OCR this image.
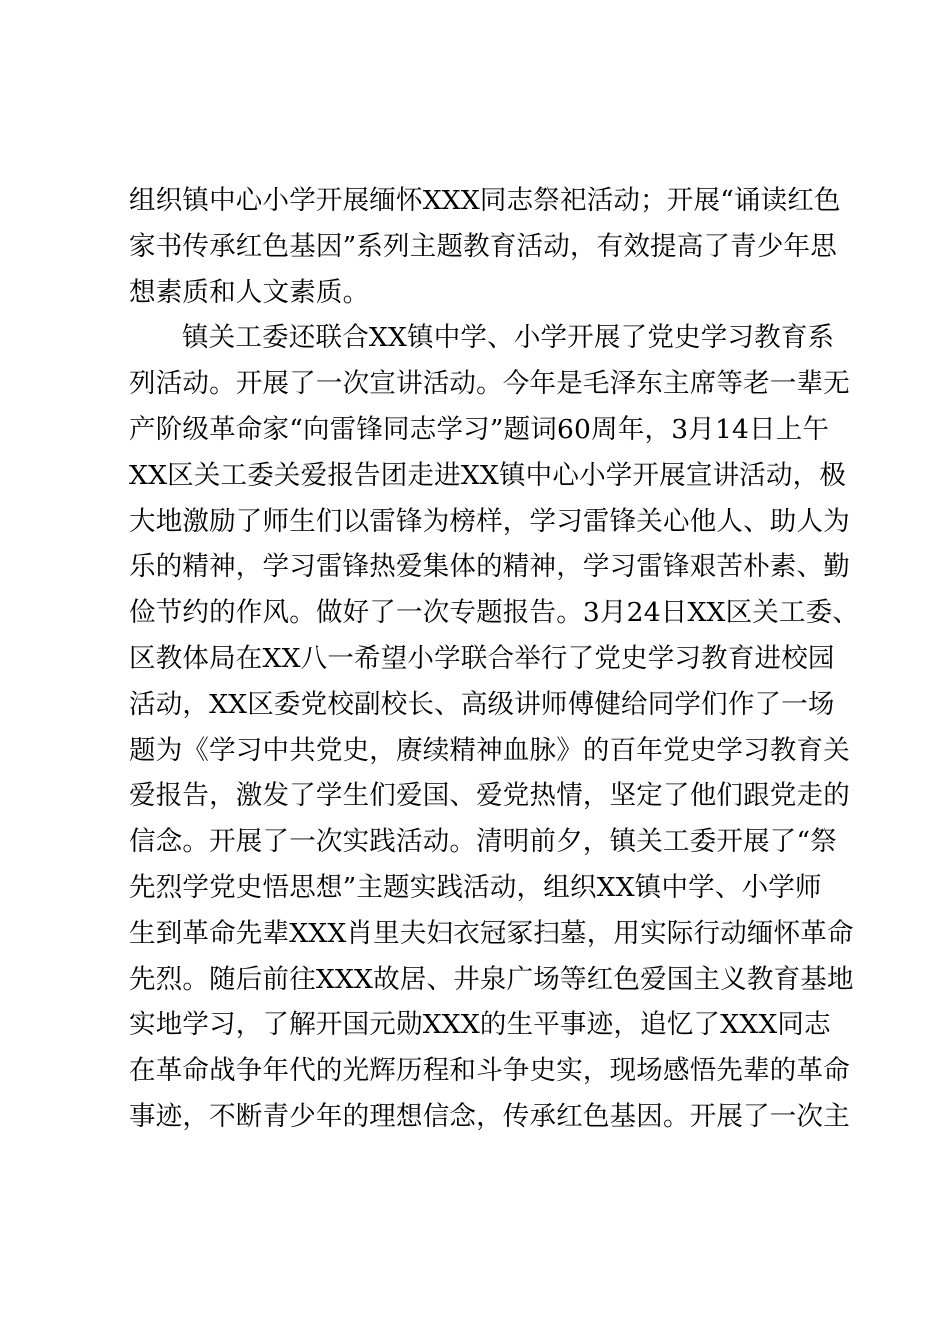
组织镇中心小学开展缅怀XXX同志祭祀活动；开展“诵读红色
家书传承红色基因”系列主题教育活动，有效提高了青少年思
想素质和人文素质。
镇关工委还联合XX镇中学、小学开展了党史学习教育系
列活动。开展了一次宣讲活动。今年是毛泽东主席等老一辈无
产阶级革命家“向雷锋同志学习”题词60周年，3月14日上午
XX区关工委关爱报告团走进XX镇中心小学开展宣讲活动，极
大地激励了师生们以雷锋为榜样，学习雷锋关心他人、助人为
乐的精神，学习雷锋热爱集体的精神，学习雷锋艰苦朴素、勤
俭节约的作风。做好了一次专题报告。3月24日XX区关工委、
区教体局在XX八一希望小学联合举行了党史学习教育进校园
活动，XX区委党校副校长、高级讲师傅健给同学们作了一场
题为《学习中共党史，赓续精神血脉》的百年党史学习教育关
爱报告，激发了学生们爱国、爱党热情，坚定了他们跟党走的
信念。开展了一次实践活动。清明前夕，镇关工委开展了“祭
先烈学党史悟思想”主题实践活动，组织XX镇中学、小学师
生到革命先辈XXX肖里夫妇衣冠冢扫墓，用实际行动缅怀革命
先烈。随后前往XXX故居、井泉广场等红色爱国主义教育基地
实地学习，了解开国元勋XXX的生平事迹，追忆了XXX同志
在革命战争年代的光辉历程和斗争史实，现场感悟先辈的革命
事迹，不断青少年的理想信念，传承红色基因。开展了一次主
